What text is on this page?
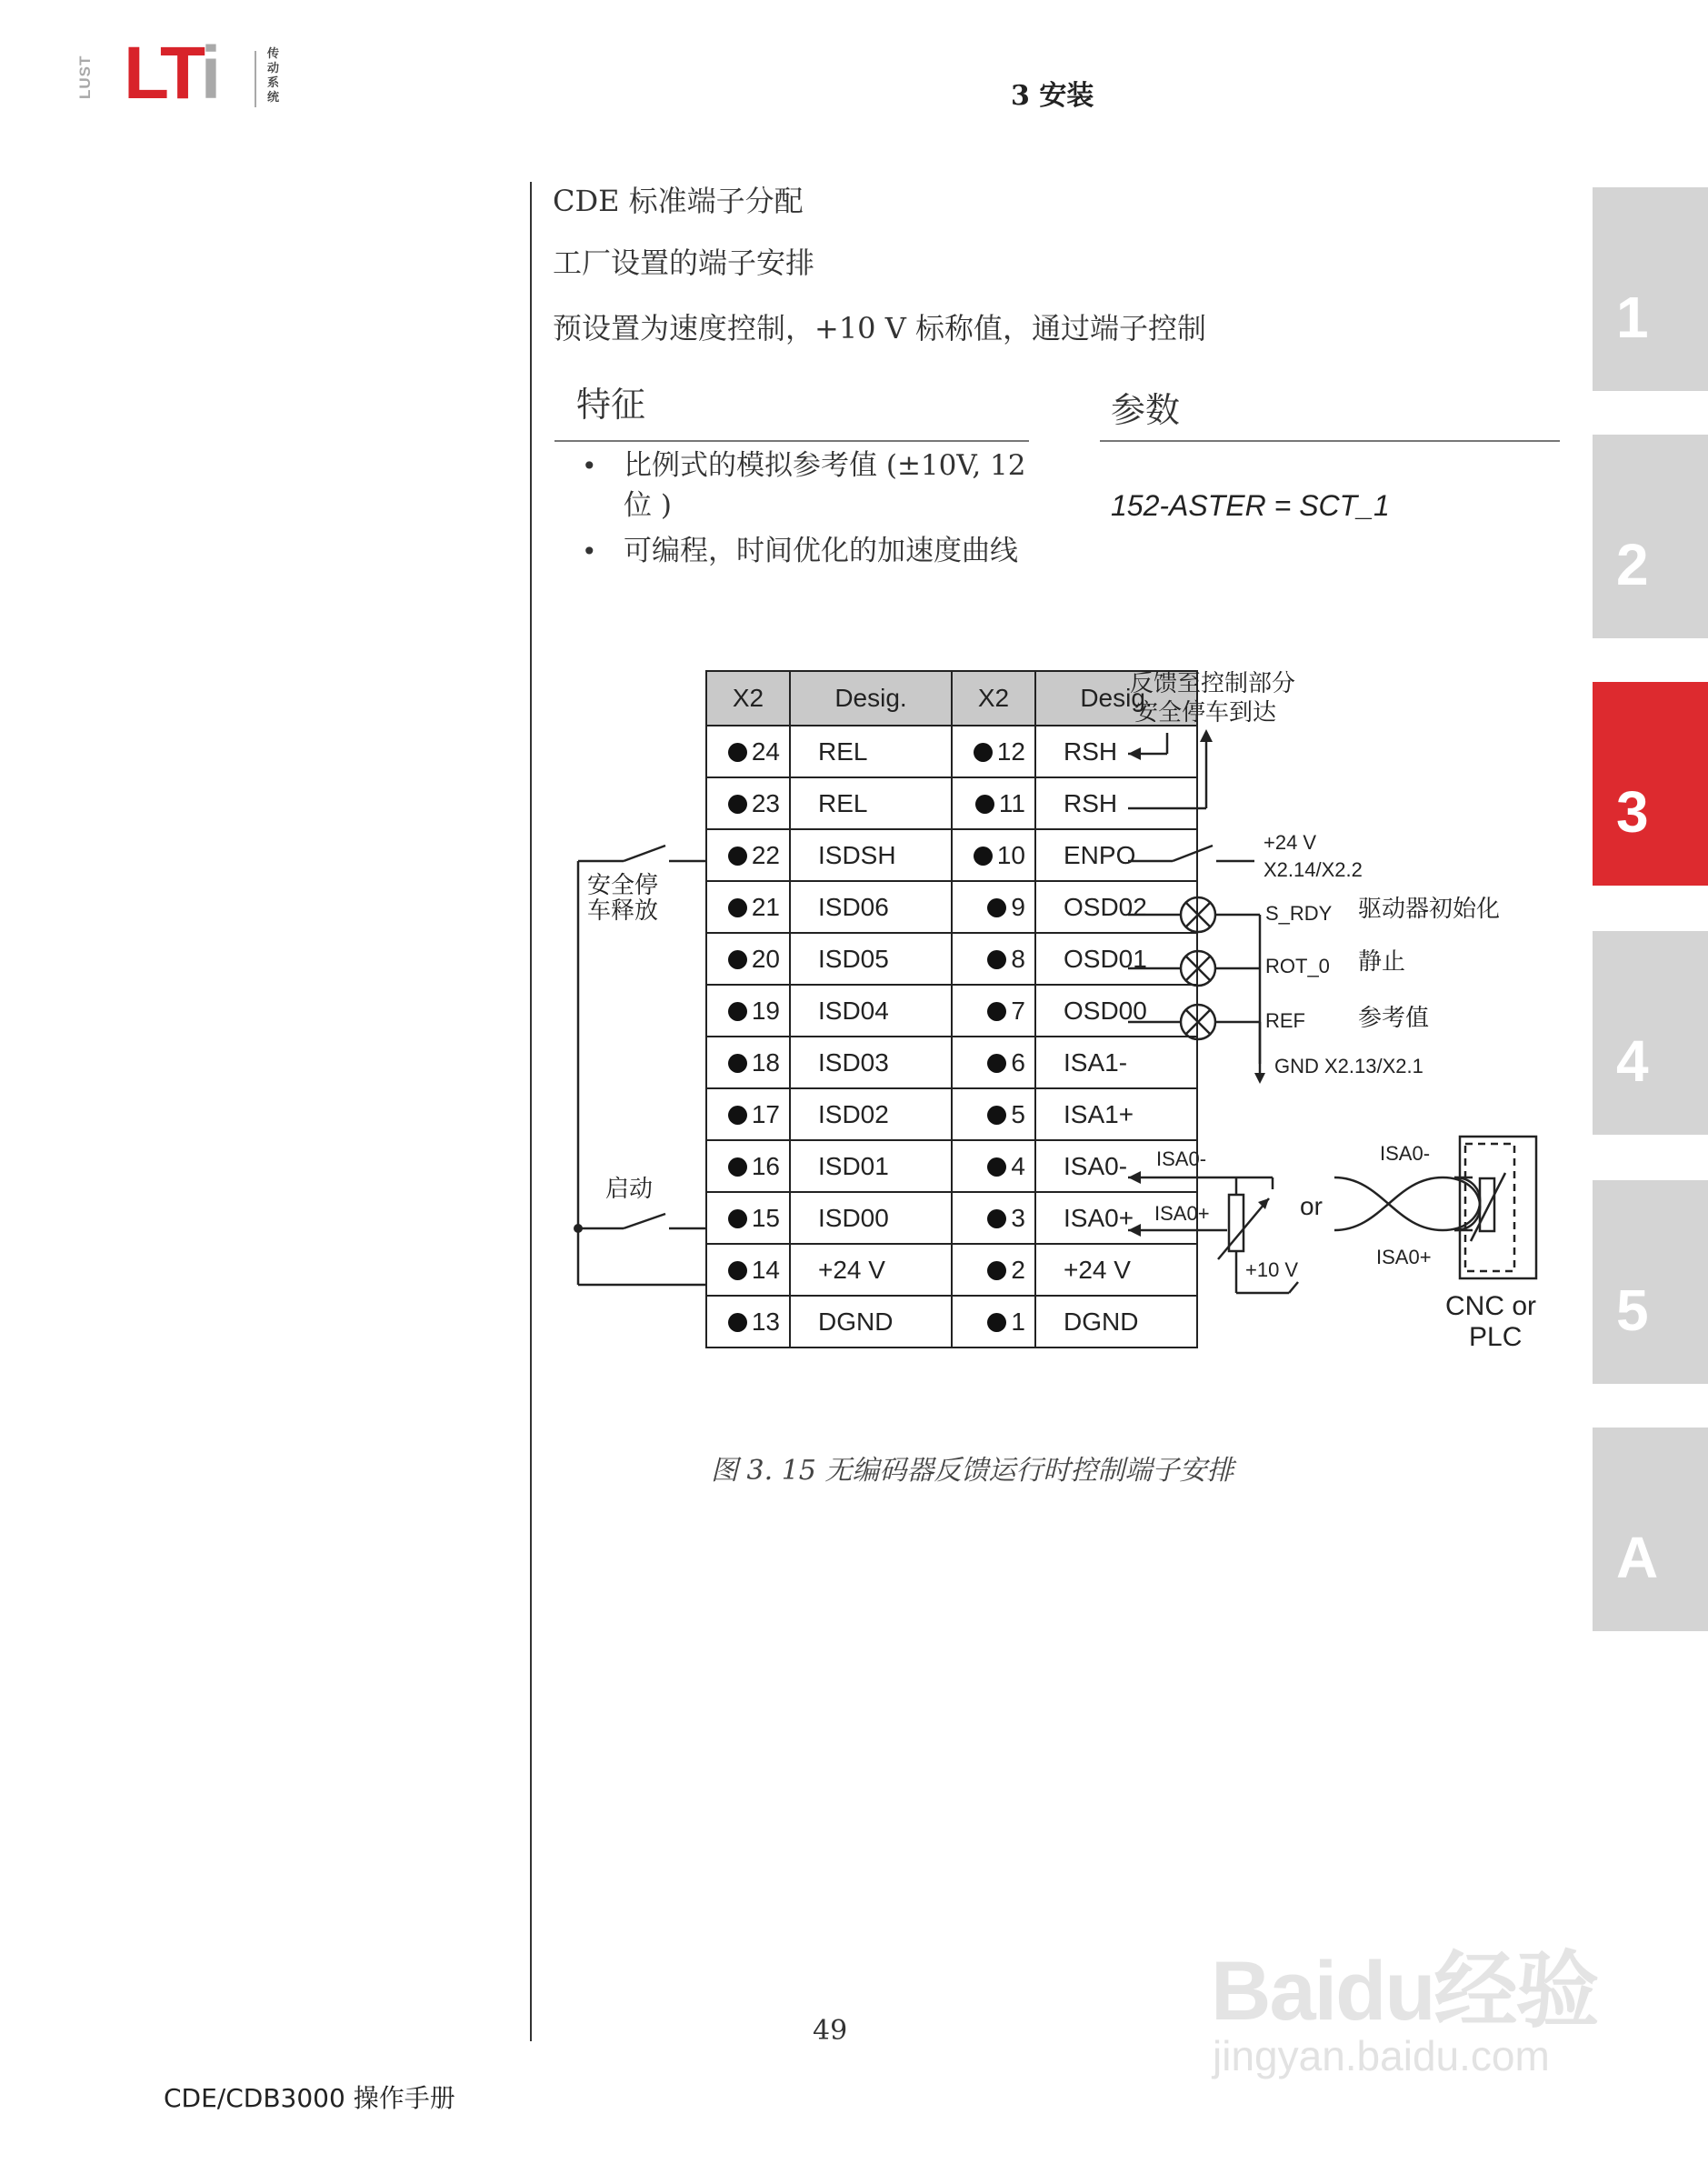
LUST LTi	传动系统	3 安装
CDE 标准端子分配
工厂设置的端子安排
预设置为速度控制，+10 V 标称值，通过端子控制
特征
• 比例式的模拟参考值 (±10V, 12
位 )
• 可编程，时间优化的加速度曲线
参数
152-ASTER = SCT_1
X2	Desig.	X2	Desig.
24	REL	12	RSH
23	REL	11	RSH
22	ISDSH	10	ENPO
21	ISD06	9	OSD02
20	ISD05	8	OSD01
19	ISD04	7	OSD00
18	ISD03	6	ISA1-
17	ISD02	5	ISA1+
16	ISD01	4	ISA0-
15	ISD00	3	ISA0+
14	+24 V	2	+24 V
13	DGND	1	DGND
反馈至控制部分
安全停车到达
安全停
车释放
启动
+24 V
X2.14/X2.2
S_RDY 驱动器初始化
ROT_0 静止
REF 参考值
GND X2.13/X2.1
ISA0-
ISA0+
+10 V
or
ISA0-
ISA0+
CNC or
PLC
图 3. 15 无编码器反馈运行时控制端子安排
49
CDE/CDB3000 操作手册
1
2
3
4
5
A
Baidu经验
jingyan.baidu.com
